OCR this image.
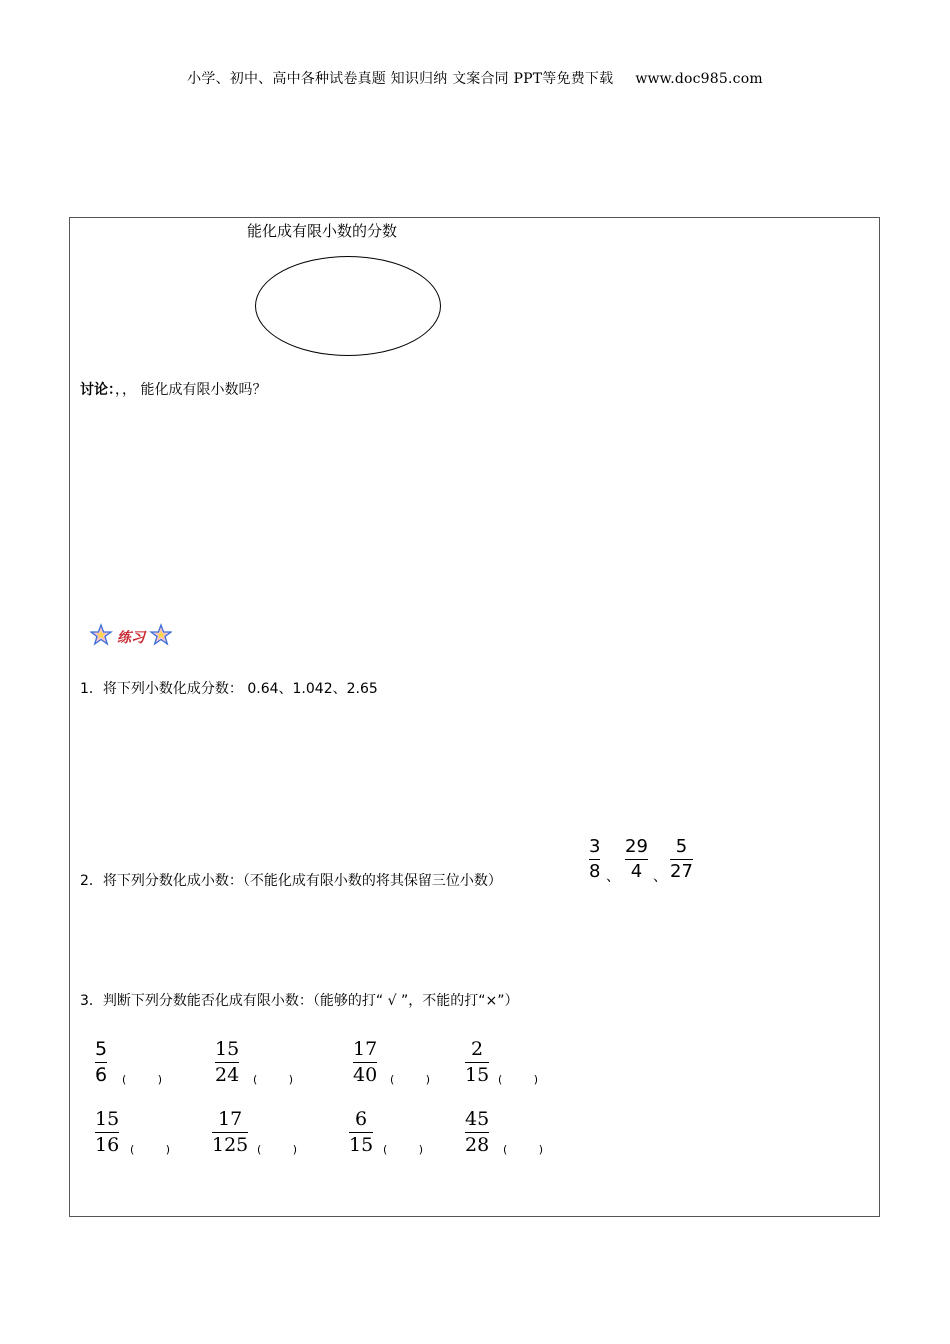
小学、初中、高中各种试卷真题 知识归纳 文案合同 PPT等免费下载 www.doc985.com
能化成有限小数的分数
讨论：，， 能化成有限小数吗？
练习
1．将下列小数化成分数： 0.64、1.042、2.65
2．将下列分数化成小数：（不能化成有限小数的将其保留三位小数）
3
8 、
29
4 、
5
27
3．判断下列分数能否化成有限小数：（能够的打“ √ ”，不能的打“×”）
5
6 (         )
15
24 (         )
17
40 (         )
2
15 (         )
15
16 (         )
17
125 (         )
6
15 (         )
45
28 (         )
